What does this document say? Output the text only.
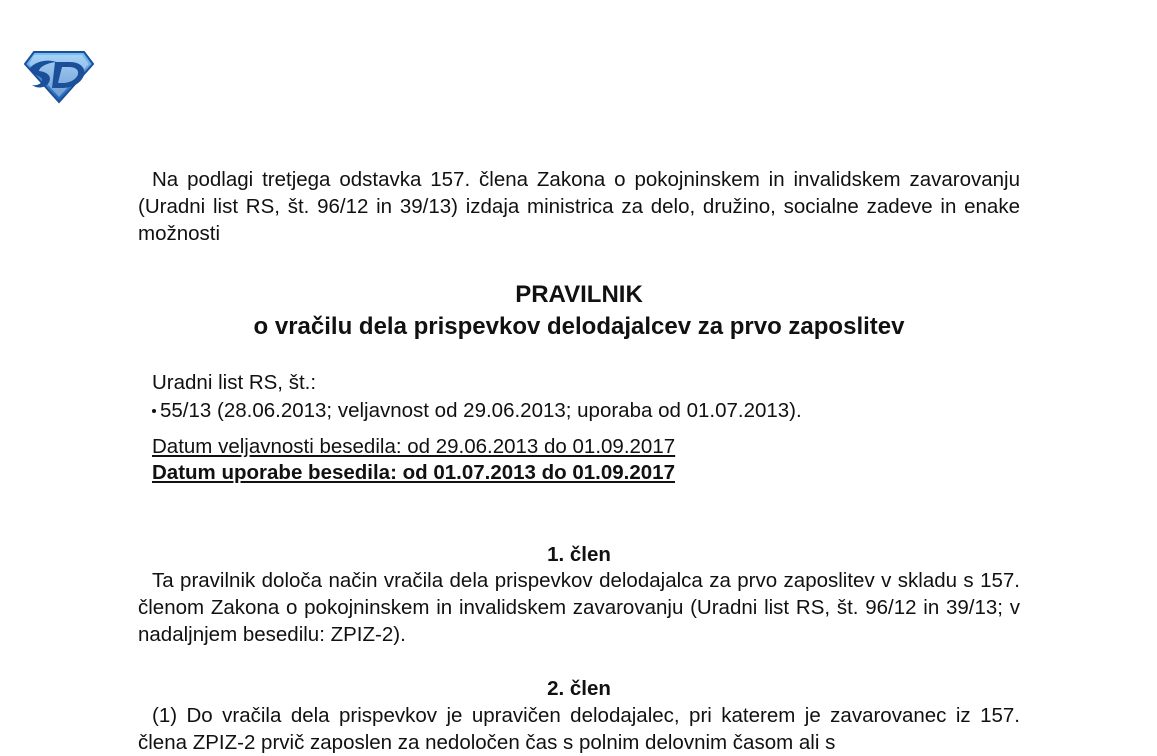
Na podlagi tretjega odstavka 157. člena Zakona o pokojninskem in invalidskem zavarovanju (Uradni list RS, št. 96/12 in 39/13) izdaja ministrica za delo, družino, socialne zadeve in enake možnosti
PRAVILNIK
o vračilu dela prispevkov delodajalcev za prvo zaposlitev
Uradni list RS, št.:
55/13 (28.06.2013; veljavnost od 29.06.2013; uporaba od 01.07.2013).
Datum veljavnosti besedila: od 29.06.2013 do 01.09.2017
Datum uporabe besedila: od 01.07.2013 do 01.09.2017
1. člen
Ta pravilnik določa način vračila dela prispevkov delodajalca za prvo zaposlitev v skladu s 157. členom Zakona o pokojninskem in invalidskem zavarovanju (Uradni list RS, št. 96/12 in 39/13; v nadaljnjem besedilu: ZPIZ-2).
2. člen
(1) Do vračila dela prispevkov je upravičen delodajalec, pri katerem je zavarovanec iz 157. člena ZPIZ-2 prvič zaposlen za nedoločen čas s polnim delovnim časom ali s
